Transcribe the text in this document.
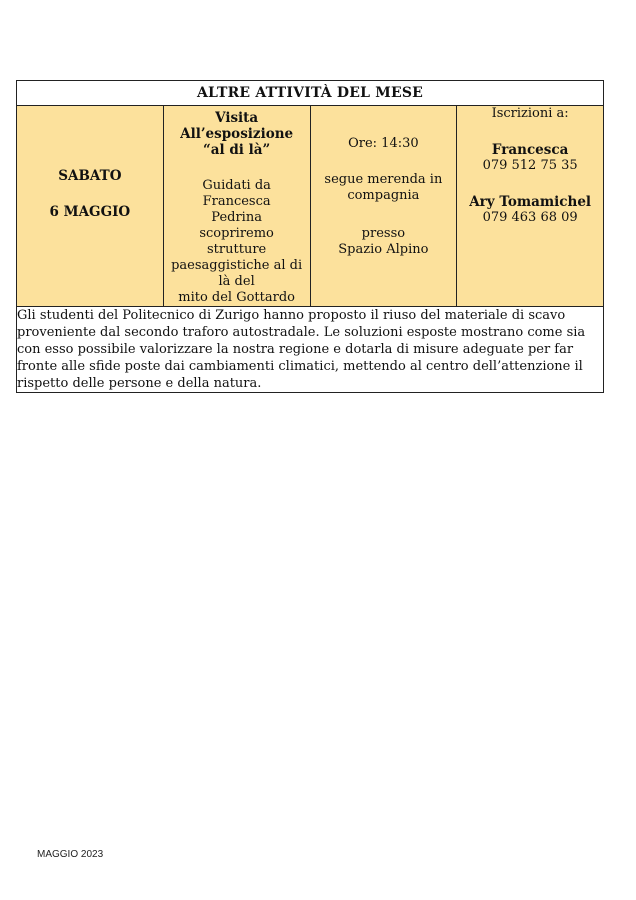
ALTRE ATTIVITÀ DEL MESE

SABATO
6 MAGGIO

Visita
All’esposizione
“al di là”
Guidati da Francesca
Pedrina
scopriremo strutture
paesaggistiche al di là del
mito del Gottardo

Ore: 14:30
segue merenda in
compagnia
presso
Spazio Alpino

Iscrizioni a:
Francesca
079 512 75 35
Ary Tomamichel
079 463 68 09

Gli studenti del Politecnico di Zurigo hanno proposto il riuso del materiale di scavo
proveniente dal secondo traforo autostradale. Le soluzioni esposte mostrano come sia
con esso possibile valorizzare la nostra regione e dotarla di misure adeguate per far
fronte alle sfide poste dai cambiamenti climatici, mettendo al centro dell’attenzione il
rispetto delle persone e della natura.
MAGGIO 2023
